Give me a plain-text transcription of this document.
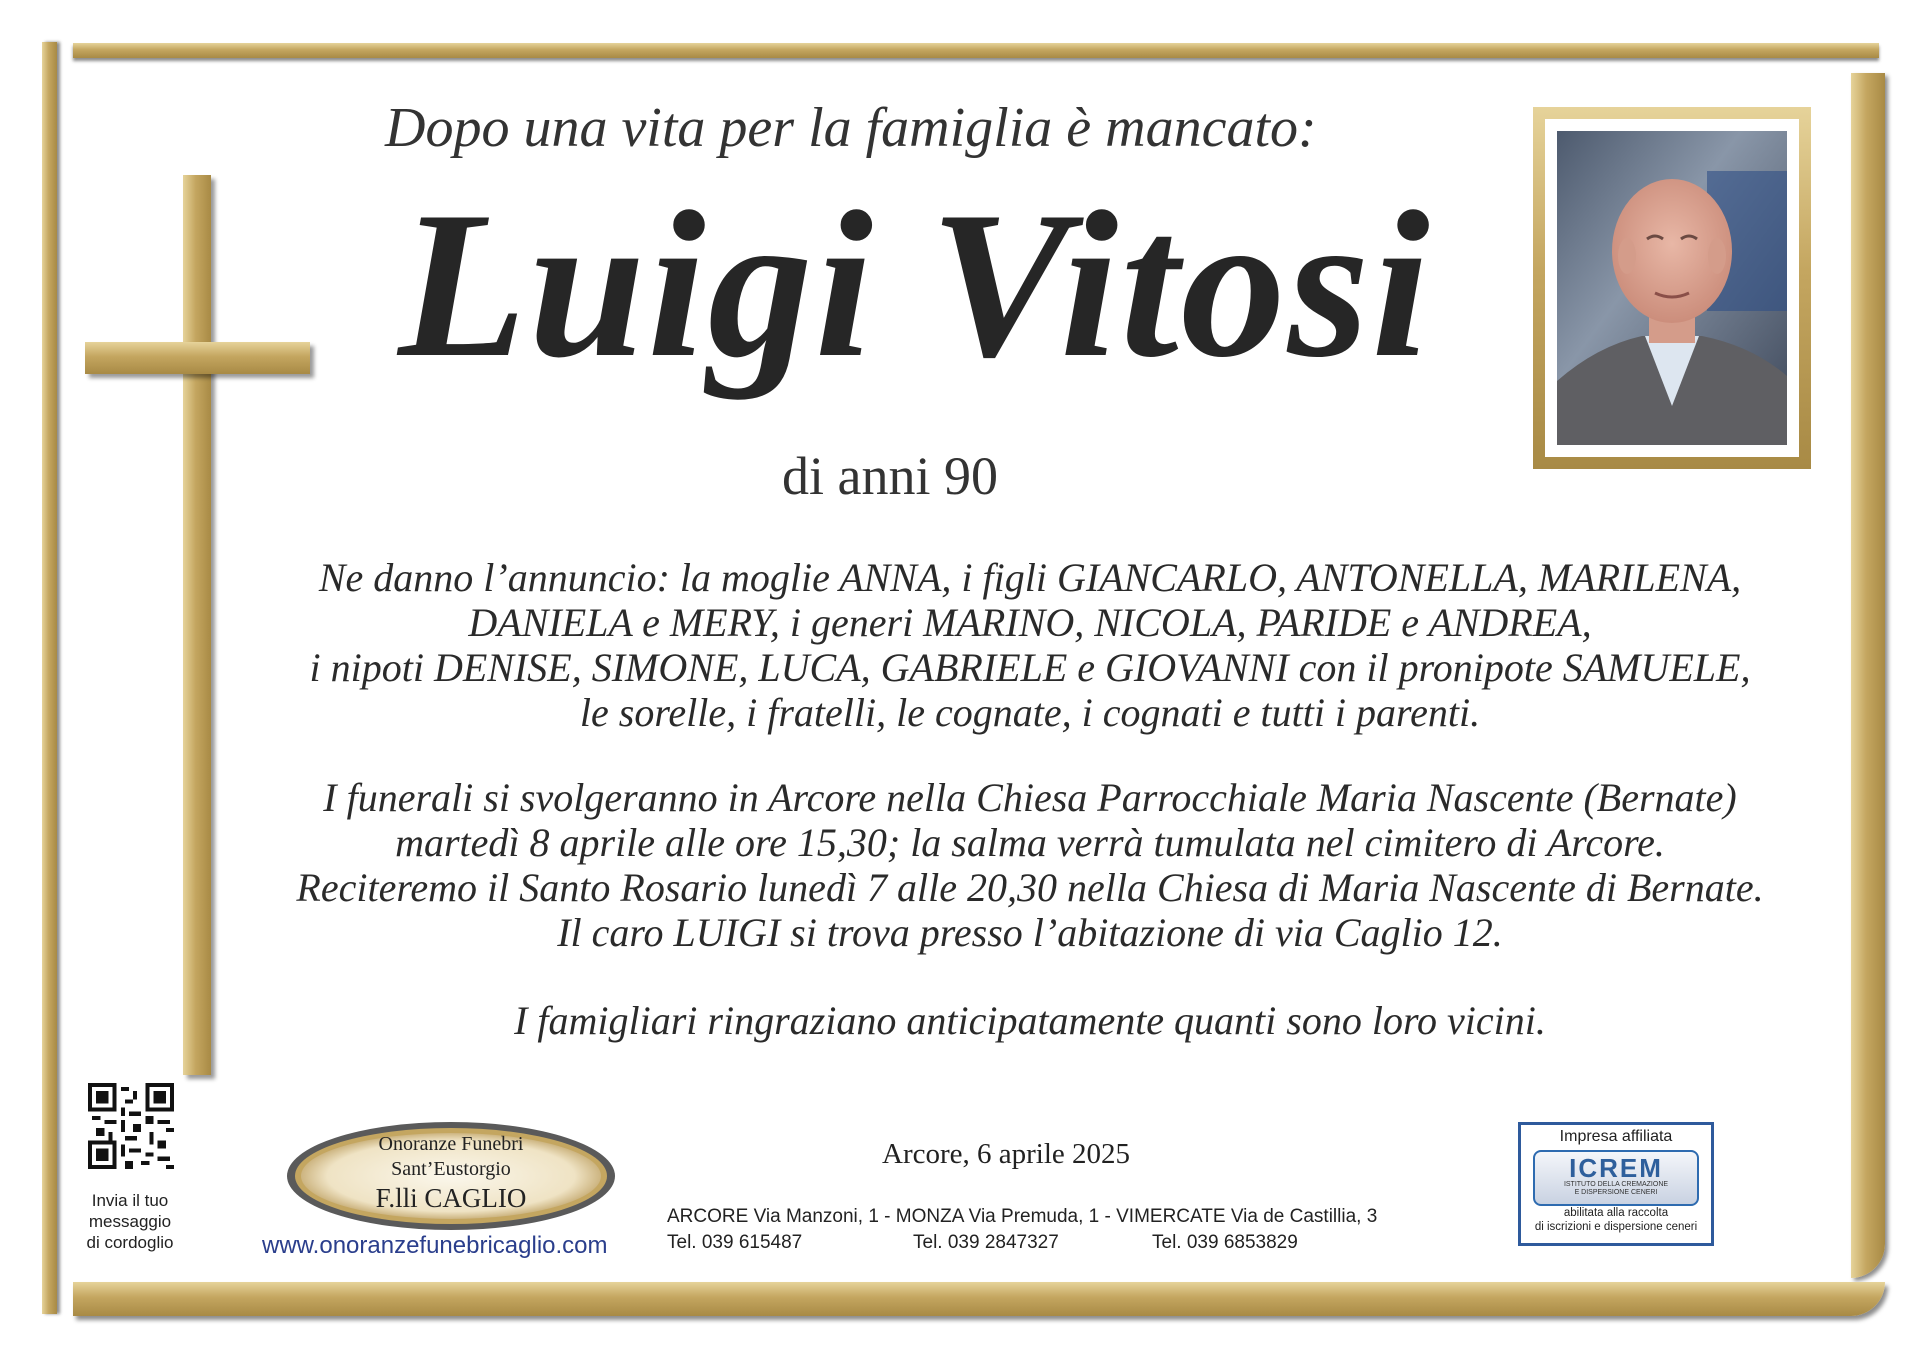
Dopo una vita per la famiglia è mancato:
Luigi Vitosi
di anni 90
Ne danno l’annuncio: la moglie ANNA, i figli GIANCARLO, ANTONELLA, MARILENA,
DANIELA e MERY, i generi MARINO, NICOLA, PARIDE e ANDREA,
i nipoti DENISE, SIMONE, LUCA, GABRIELE e GIOVANNI con il pronipote SAMUELE,
le sorelle, i fratelli, le cognate, i cognati e tutti i parenti.
I funerali si svolgeranno in Arcore nella Chiesa Parrocchiale Maria Nascente (Bernate)
martedì 8 aprile alle ore 15,30; la salma verrà tumulata nel cimitero di Arcore.
Reciteremo il Santo Rosario lunedì 7 alle 20,30 nella Chiesa di Maria Nascente di Bernate.
Il caro LUIGI si trova presso l’abitazione di via Caglio 12.
I famigliari ringraziano anticipatamente quanti sono loro vicini.
Invia il tuo
messaggio
di cordoglio
Onoranze Funebri
Sant’Eustorgio
F.lli CAGLIO
www.onoranzefunebricaglio.com
Arcore, 6 aprile 2025
ARCORE Via Manzoni, 1 - MONZA Via Premuda, 1 - VIMERCATE Via de Castillia, 3
Tel. 039 615487	Tel. 039 2847327	Tel. 039 6853829
Impresa affiliata
ICREM
ISTITUTO DELLA CREMAZIONE
E DISPERSIONE CENERI
abilitata alla raccolta
di iscrizioni e dispersione ceneri
